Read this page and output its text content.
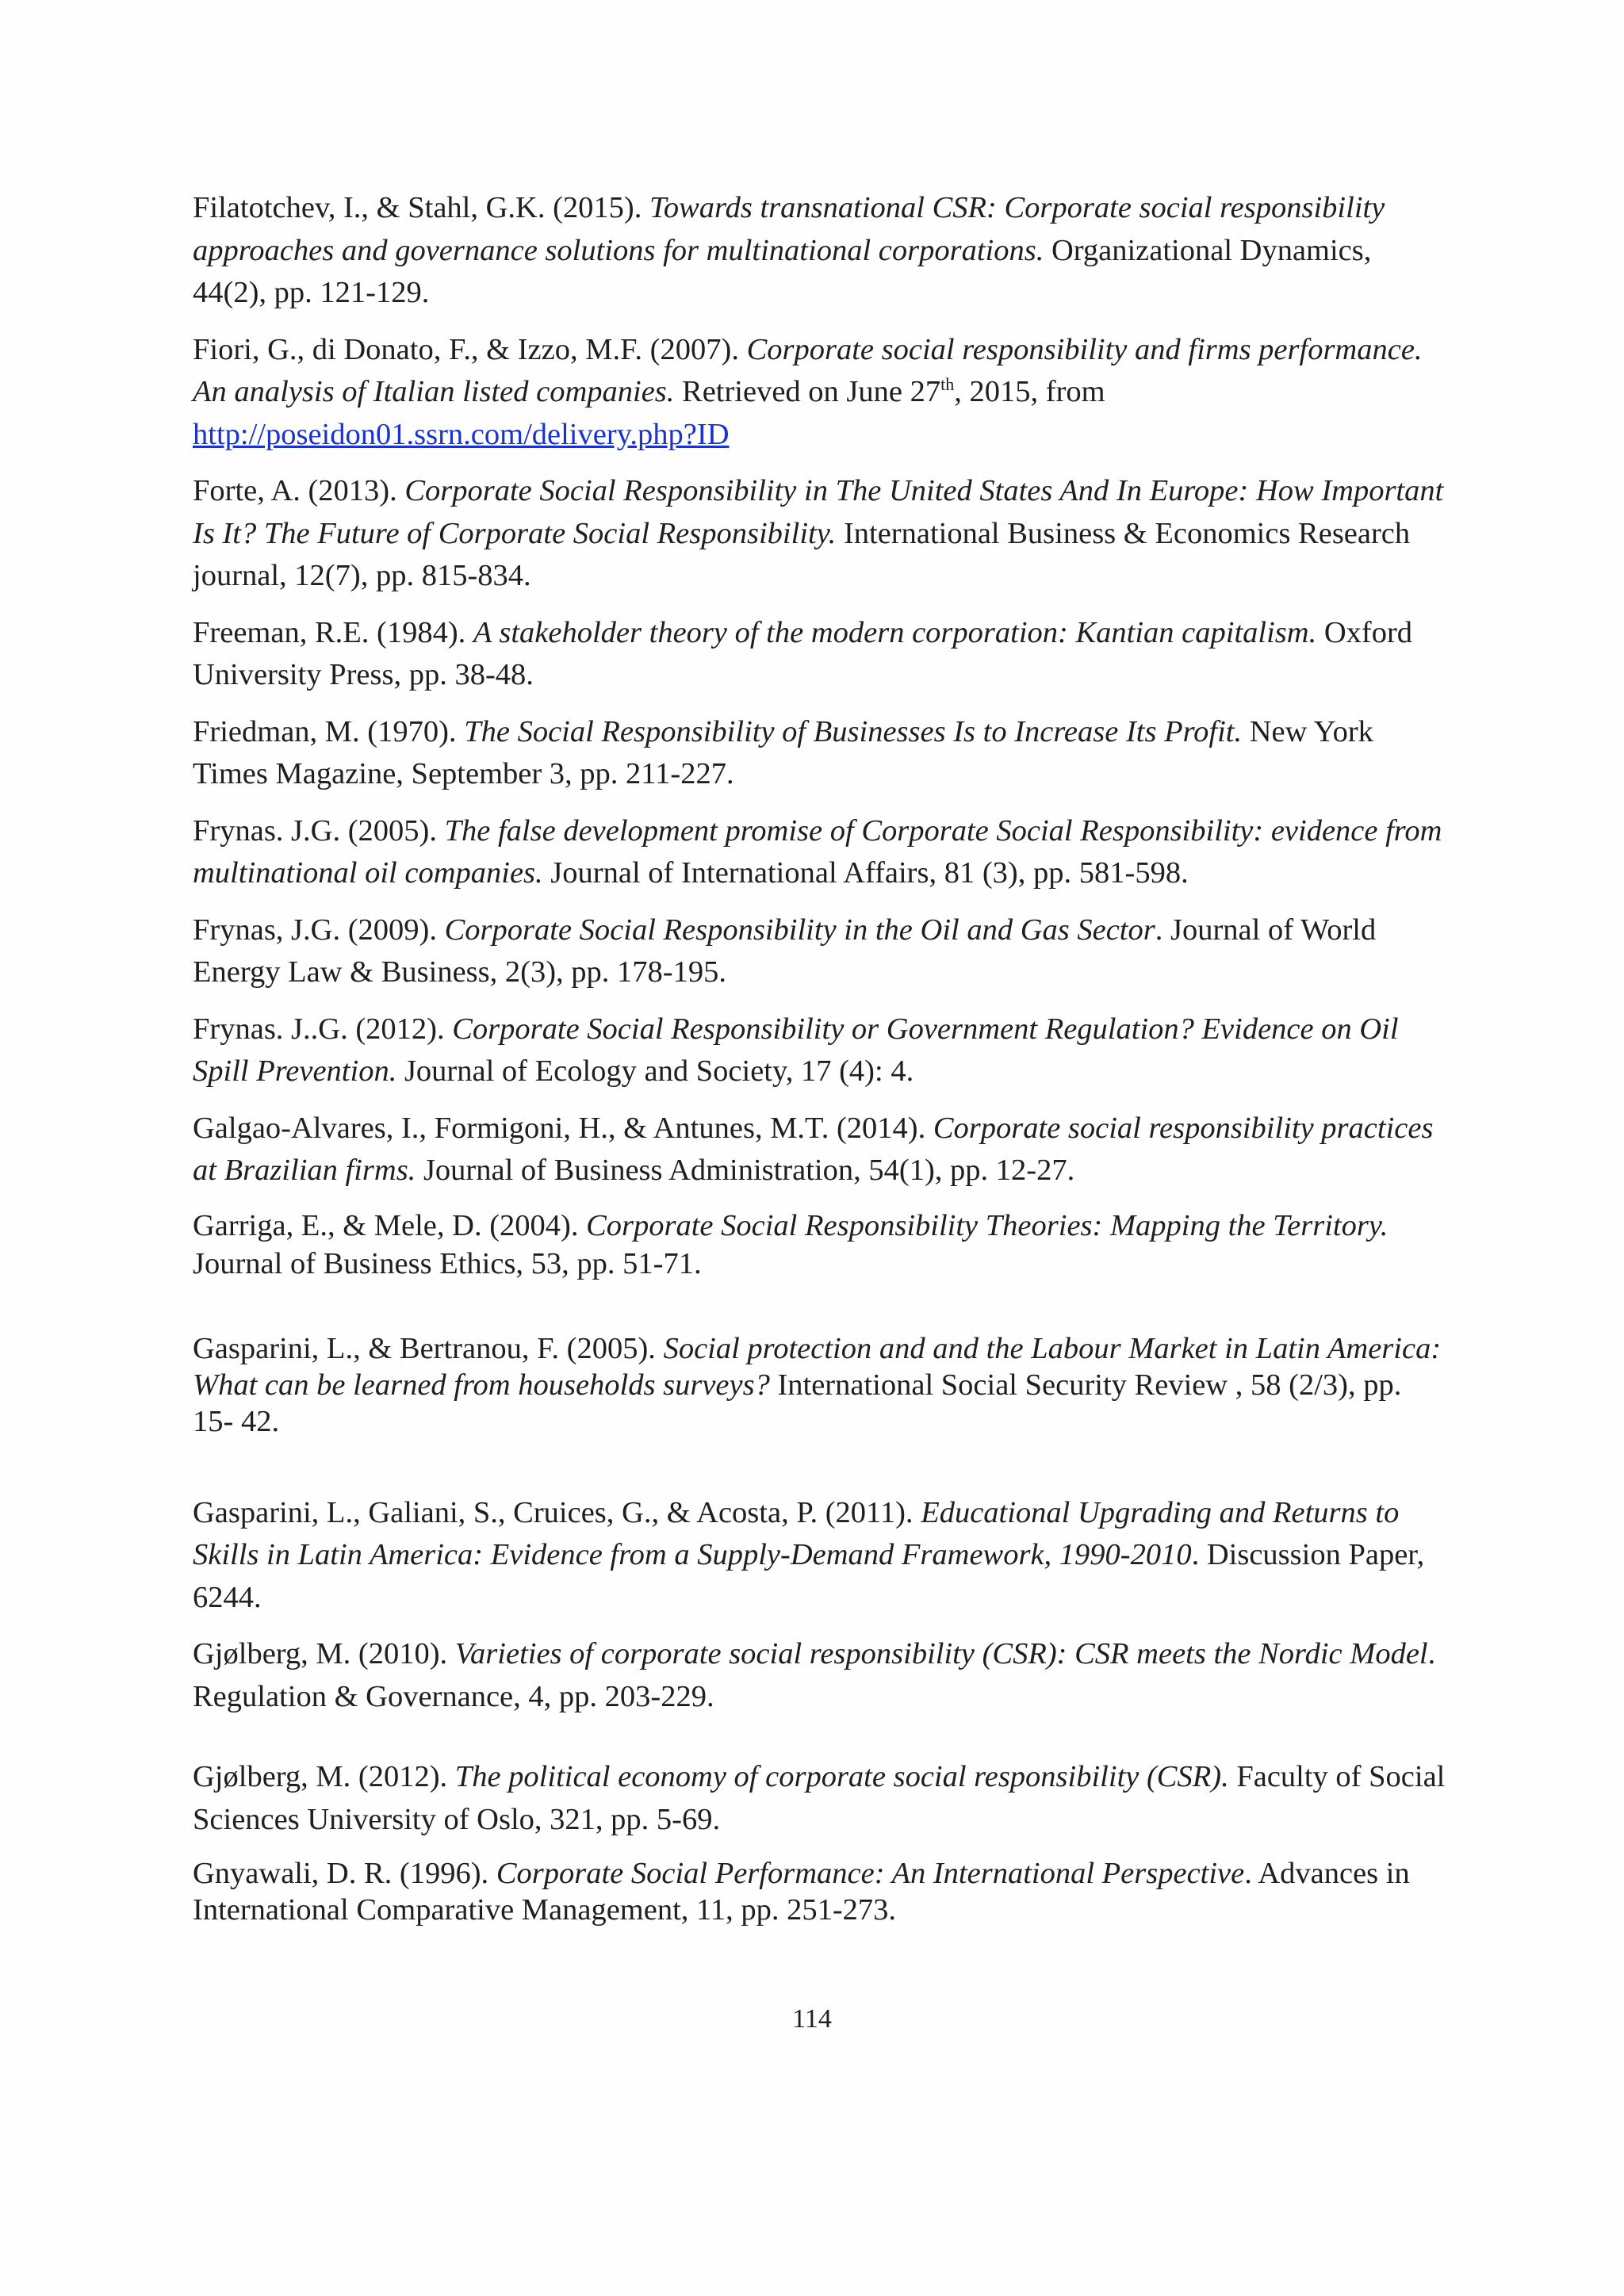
Filatotchev, I., & Stahl, G.K. (2015). Towards transnational CSR: Corporate social responsibility approaches and governance solutions for multinational corporations. Organizational Dynamics, 44(2), pp. 121-129.

Fiori, G., di Donato, F., & Izzo, M.F. (2007). Corporate social responsibility and firms performance. An analysis of Italian listed companies. Retrieved on June 27th, 2015, from http://poseidon01.ssrn.com/delivery.php?ID

Forte, A. (2013). Corporate Social Responsibility in The United States And In Europe: How Important Is It? The Future of Corporate Social Responsibility. International Business & Economics Research journal, 12(7), pp. 815-834.

Freeman, R.E. (1984). A stakeholder theory of the modern corporation: Kantian capitalism. Oxford University Press, pp. 38-48.

Friedman, M. (1970). The Social Responsibility of Businesses Is to Increase Its Profit. New York Times Magazine, September 3, pp. 211-227.

Frynas. J.G. (2005). The false development promise of Corporate Social Responsibility: evidence from multinational oil companies. Journal of International Affairs, 81 (3), pp. 581-598.

Frynas, J.G. (2009). Corporate Social Responsibility in the Oil and Gas Sector. Journal of World Energy Law & Business, 2(3), pp. 178-195.

Frynas. J..G. (2012). Corporate Social Responsibility or Government Regulation? Evidence on Oil Spill Prevention. Journal of Ecology and Society, 17 (4): 4.

Galgao-Alvares, I., Formigoni, H., & Antunes, M.T. (2014). Corporate social responsibility practices at Brazilian firms. Journal of Business Administration, 54(1), pp. 12-27.

Garriga, E., & Mele, D. (2004). Corporate Social Responsibility Theories: Mapping the Territory. Journal of Business Ethics, 53, pp. 51-71.

Gasparini, L., & Bertranou, F. (2005). Social protection and and the Labour Market in Latin America: What can be learned from households surveys? International Social Security Review , 58 (2/3), pp. 15- 42.

Gasparini, L., Galiani, S., Cruices, G., & Acosta, P. (2011). Educational Upgrading and Returns to Skills in Latin America: Evidence from a Supply-Demand Framework, 1990-2010. Discussion Paper, 6244.

Gjølberg, M. (2010). Varieties of corporate social responsibility (CSR): CSR meets the Nordic Model. Regulation & Governance, 4, pp. 203-229.

Gjølberg, M. (2012). The political economy of corporate social responsibility (CSR). Faculty of Social Sciences University of Oslo, 321, pp. 5-69.

Gnyawali, D. R. (1996). Corporate Social Performance: An International Perspective. Advances in International Comparative Management, 11, pp. 251-273.

114
